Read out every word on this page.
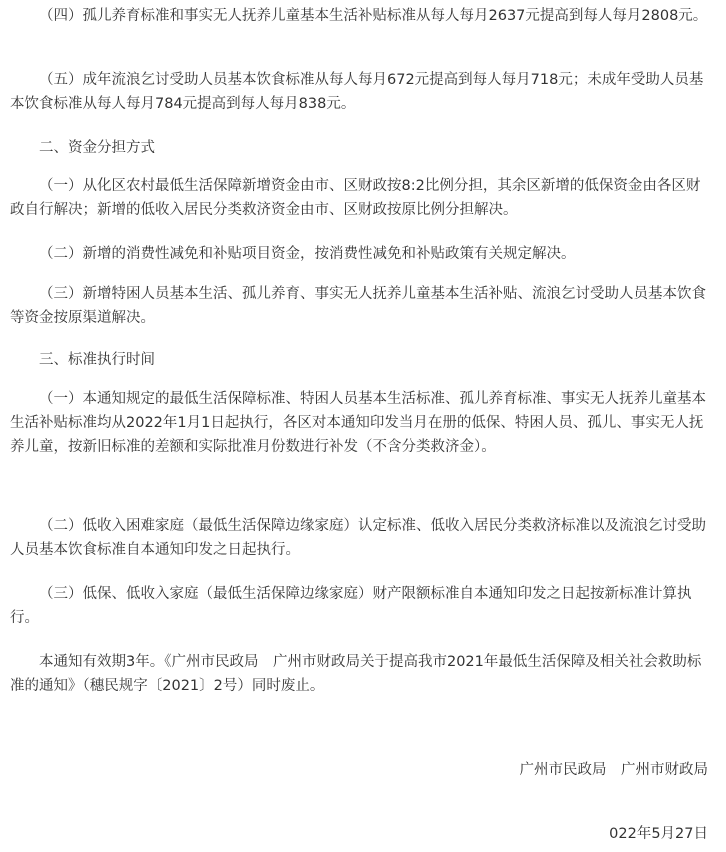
（四）孤儿养育标准和事实无人抚养儿童基本生活补贴标准从每人每月2637元提高到每人每月2808元。

（五）成年流浪乞讨受助人员基本饮食标准从每人每月672元提高到每人每月718元；未成年受助人员基本饮食标准从每人每月784元提高到每人每月838元。

二、资金分担方式

（一）从化区农村最低生活保障新增资金由市、区财政按8:2比例分担，其余区新增的低保资金由各区财政自行解决；新增的低收入居民分类救济资金由市、区财政按原比例分担解决。

（二）新增的消费性减免和补贴项目资金，按消费性减免和补贴政策有关规定解决。

（三）新增特困人员基本生活、孤儿养育、事实无人抚养儿童基本生活补贴、流浪乞讨受助人员基本饮食等资金按原渠道解决。

三、标准执行时间

（一）本通知规定的最低生活保障标准、特困人员基本生活标准、孤儿养育标准、事实无人抚养儿童基本生活补贴标准均从2022年1月1日起执行，各区对本通知印发当月在册的低保、特困人员、孤儿、事实无人抚养儿童，按新旧标准的差额和实际批准月份数进行补发（不含分类救济金）。

（二）低收入困难家庭（最低生活保障边缘家庭）认定标准、低收入居民分类救济标准以及流浪乞讨受助人员基本饮食标准自本通知印发之日起执行。

（三）低保、低收入家庭（最低生活保障边缘家庭）财产限额标准自本通知印发之日起按新标准计算执行。

本通知有效期3年。《广州市民政局　广州市财政局关于提高我市2021年最低生活保障及相关社会救助标准的通知》（穗民规字〔2021〕2号）同时废止。

广州市民政局　广州市财政局
022年5月27日
